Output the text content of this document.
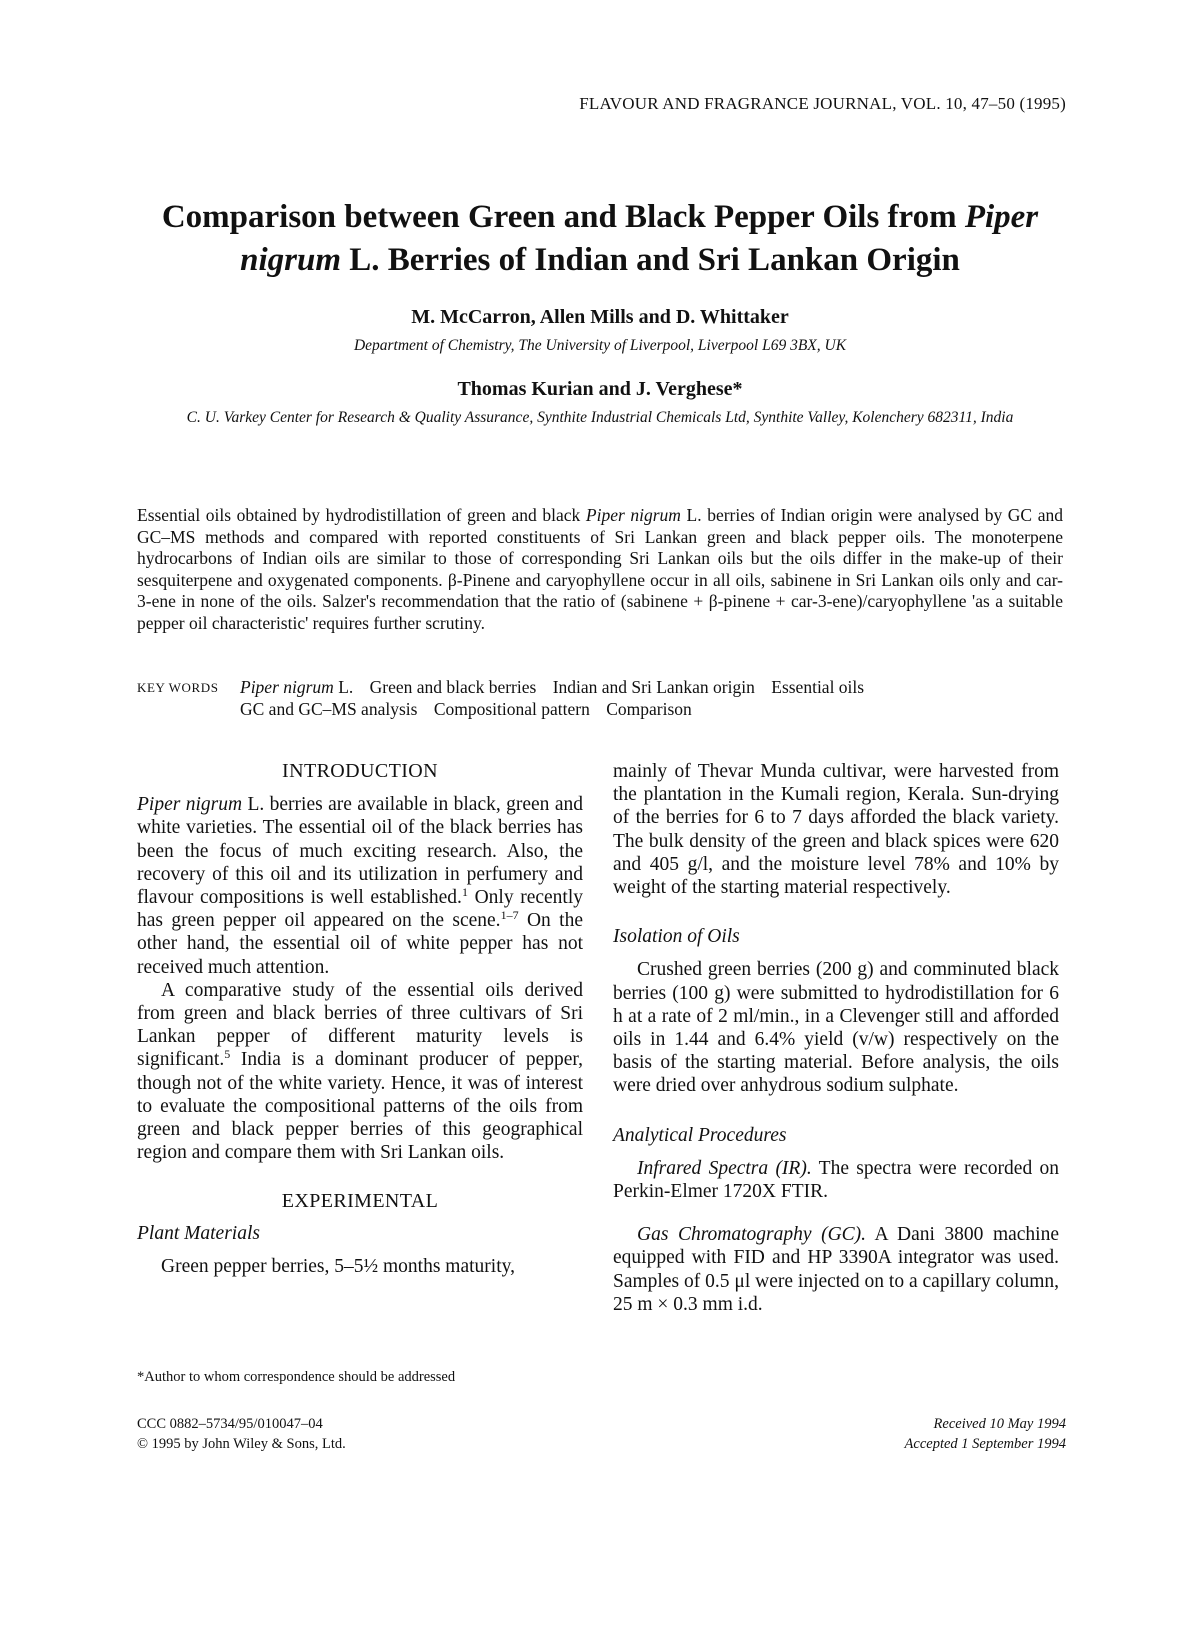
FLAVOUR AND FRAGRANCE JOURNAL, VOL. 10, 47–50 (1995)
Comparison between Green and Black Pepper Oils from Piper nigrum L. Berries of Indian and Sri Lankan Origin
M. McCarron, Allen Mills and D. Whittaker
Department of Chemistry, The University of Liverpool, Liverpool L69 3BX, UK
Thomas Kurian and J. Verghese*
C. U. Varkey Center for Research & Quality Assurance, Synthite Industrial Chemicals Ltd, Synthite Valley, Kolenchery 682311, India
Essential oils obtained by hydrodistillation of green and black Piper nigrum L. berries of Indian origin were analysed by GC and GC–MS methods and compared with reported constituents of Sri Lankan green and black pepper oils. The monoterpene hydrocarbons of Indian oils are similar to those of corresponding Sri Lankan oils but the oils differ in the make-up of their sesquiterpene and oxygenated components. β-Pinene and caryophyllene occur in all oils, sabinene in Sri Lankan oils only and car-3-ene in none of the oils. Salzer's recommendation that the ratio of (sabinene + β-pinene + car-3-ene)/caryophyllene 'as a suitable pepper oil characteristic' requires further scrutiny.
KEY WORDS Piper nigrum L. Green and black berries Indian and Sri Lankan origin Essential oils GC and GC–MS analysis Compositional pattern Comparison
INTRODUCTION

Piper nigrum L. berries are available in black, green and white varieties. The essential oil of the black berries has been the focus of much exciting research. Also, the recovery of this oil and its utilization in perfumery and flavour compositions is well established.$^1$ Only recently has green pepper oil appeared on the scene.$^{1-7}$ On the other hand, the essential oil of white pepper has not received much attention.

A comparative study of the essential oils derived from green and black berries of three cultivars of Sri Lankan pepper of different maturity levels is significant.$^5$ India is a dominant producer of pepper, though not of the white variety. Hence, it was of interest to evaluate the compositional patterns of the oils from green and black pepper berries of this geographical region and compare them with Sri Lankan oils.

EXPERIMENTAL
Plant Materials

Green pepper berries, 5–5½ months maturity,

mainly of Thevar Munda cultivar, were harvested from the plantation in the Kumali region, Kerala. Sun-drying of the berries for 6 to 7 days afforded the black variety. The bulk density of the green and black spices were 620 and 405 g/l, and the moisture level 78% and 10% by weight of the starting material respectively.

Isolation of Oils

Crushed green berries (200 g) and comminuted black berries (100 g) were submitted to hydrodistillation for 6 h at a rate of 2 ml/min., in a Clevenger still and afforded oils in 1.44 and 6.4% yield (v/w) respectively on the basis of the starting material. Before analysis, the oils were dried over anhydrous sodium sulphate.

Analytical Procedures

Infrared Spectra (IR). The spectra were recorded on Perkin-Elmer 1720X FTIR.

Gas Chromatography (GC). A Dani 3800 machine equipped with FID and HP 3390A integrator was used. Samples of 0.5 μl were injected on to a capillary column, 25 m × 0.3 mm i.d.

*Author to whom correspondence should be addressed
CCC 0882–5734/95/010047–04
© 1995 by John Wiley & Sons, Ltd.
Received 10 May 1994
Accepted 1 September 1994
